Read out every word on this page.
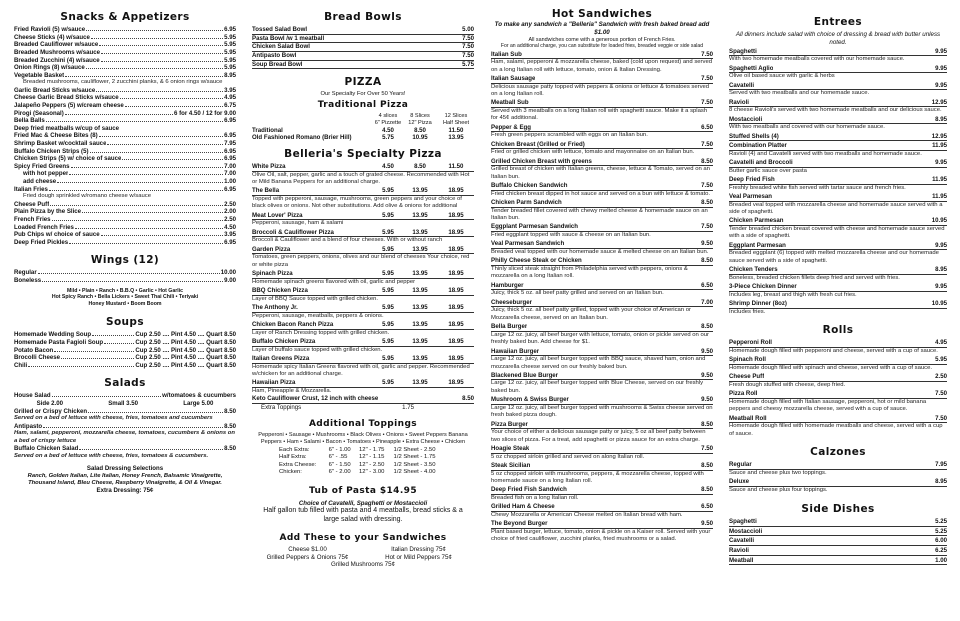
Snacks & Appetizers
Fried Ravioli (5) w/sauce	6.95
Cheese Sticks (4) w/sauce	5.95
Breaded Cauliflower w/sauce	5.95
Breaded Mushrooms w/sauce	5.95
Breaded Zucchini (4) w/sauce	5.95
Onion Rings (8) w/sauce	5.95
Vegetable Basket	8.95
Breaded mushrooms, cauliflower, 2 zucchini planks, & 6 onion rings w/sauce
Garlic Bread Sticks w/sauce	3.95
Cheese Garlic Bread Sticks w/sauce	4.95
Jalapeño Peppers (5) w/cream cheese	6.75
Pirogi (Seasonal)	6 for 4.50 / 12 for 9.00
Bella Balls	6.95
Deep fried meatballs w/cup of sauce
Fried Mac & Cheese Bites (8)	6.95
Shrimp Basket w/cocktail sauce	7.95
Buffalo Chicken Strips (5)	6.95
Chicken Strips (5) w/ choice of sauce	6.95
Spicy Fried Greens	7.00
with hot pepper	7.00
add cheese	1.00
Italian Fries	6.95
Fried dough sprinkled w/romano cheese w/sauce
Cheese Puff	2.50
Plain Pizza by the Slice	2.00
French Fries	2.50
Loaded French Fries	4.50
Pub Chips w/ choice of sauce	3.95
Deep Fried Pickles	6.95
Wings (12)
Regular	10.00
Boneless	9.00
Mild • Plain • Ranch • B.B.Q • Garlic • Hot Garlic
Hot Spicy Ranch • Bella Lickers • Sweet Thai Chili • Teriyaki
Honey Mustard • Boom Boom
Soups
Homemade Wedding Soup	Cup 2.50 .... Pint 4.50 .... Quart 8.50
Homemade Pasta Fagioli Soup	Cup 2.50 .... Pint 4.50 .... Quart 8.50
Potato Bacon	Cup 2.50 .... Pint 4.50 .... Quart 8.50
Brocolli Cheese	Cup 2.50 .... Pint 4.50 .... Quart 8.50
Chili	Cup 2.50 .... Pint 4.50 .... Quart 8.50
Salads
House Salad	w/tomatoes & cucumbers
Side 2.00	Small 3.50	Large 5.00
Grilled or Crispy Chicken	8.50
Served on a bed of lettuce with cheese, fries, tomatoes and cucumbers
Antipasto	8.50
Ham, salami, pepperoni, mozzarella cheese, tomatoes, cucumbers & onions on a bed of crispy lettuce
Buffalo Chicken Salad	8.50
Served on a bed of lettuce with cheese, fries, tomatoes & cucumbers.
Salad Dressing Selections
Ranch, Golden Italian, Lite Italian, Honey French, Balsamic Vinaigrette, Thousand Island, Bleu Cheese, Raspberry Vinaigrette, & Oil & Vinegar.
Extra Dressing: 75¢
Bread Bowls
Tossed Salad Bowl	5.00
Pasta Bowl /w 1 meatball	7.50
Chicken Salad Bowl	7.50
Antipasto Bowl	7.50
Soup Bread Bowl	5.75
PIZZA
Our Specialty For Over 50 Years!
Traditional Pizza
4 slices	8 Slices	12 Slices
6" Pizzette	12" Pizza	Half Sheet
Traditional	4.50	8.50	11.50
Old Fashioned Romano (Brier Hill)	5.75	10.95	13.95
Belleria's Specialty Pizza
White Pizza	4.50	8.50	11.50
Olive Oil, salt, pepper, garlic and a touch of grated cheese. Recommended with Hot or Mild Banana Peppers for an additional charge.
The Bella	5.95	13.95	18.95
Topped with pepperoni, sausage, mushrooms, green peppers and your choice of black olives or onions. Not other substitutions. Add olive & onions for additional
Meat Lover' Pizza	5.95	13.95	18.95
Pepperoni, sausage, ham & salami
Broccoli & Cauliflower Pizza	5.95	13.95	18.95
Broccoli & Cauliflower and a blend of four cheeses. With or without ranch
Garden Pizza	5.95	13.95	18.95
Tomatoes, green peppers, onions, olives and our blend of cheeses Your choice, red or white pizza
Spinach Pizza	5.95	13.95	18.95
Homemade spinach greens flavored with oil, garlic and pepper
BBQ Chicken Pizza	5.95	13.95	18.95
Layer of BBQ Sauce topped with grilled chicken.
The Anthony Jr.	5.95	13.95	18.95
Pepperoni, sausage, meatballs, peppers & onions.
Chicken Bacon Ranch Pizza	5.95	13.95	18.95
Layer of Ranch Dressing topped with grilled chicken.
Buffalo Chicken Pizza	5.95	13.95	18.95
Layer of buffalo sauce topped with grilled chicken.
Italian Greens Pizza	5.95	13.95	18.95
Homemade spicy Italian Greens flavored with oil, garlic and pepper. Recommended w/chicken for an additional charge.
Hawaiian Pizza	5.95	13.95	18.95
Ham, Pineapple & Mozzarella.
Keto Cauliflower Crust, 12 inch with cheese	8.50
Extra Toppings	1.75
Additional Toppings
Pepperoni • Sausage • Mushrooms • Black Olives • Onions • Sweet Peppers Banana Peppers • Ham • Salami • Bacon • Tomatoes • Pineapple • Extra Cheese • Chicken
Each Extra:	6" - 1.00	12" - 1.75	1/2 Sheet - 2.50
Half Extra:	6" - .55	12" - 1.15	1/2 Sheet - 1.75
Extra Cheese:	6" - 1.50	12" - 2.50	1/2 Sheet - 3.50
Chicken:	6" - 2.00	12" - 3.00	1/2 Sheet - 4.00
Tub of Pasta $14.95
Choice of Cavatelli, Spaghetti or Mostaccioli
Half gallon tub filled with pasta and 4 meatballs, bread sticks & a large salad with dressing.
Add These to your Sandwiches
Cheese $1.00	Italian Dressing 75¢
Grilled Peppers & Onions 75¢	Hot or Mild Peppers 75¢
Grilled Mushrooms 75¢
Hot Sandwiches
To make any sandwich a "Belleria" Sandwich with fresh baked bread add $1.00
All sandwiches come with a generous portion of French Fries.
For an additional charge, you can substitute for loaded fries, breaded veggie or side salad
Italian Sub	7.50
Ham, salami, pepperoni & mozzarella cheese, baked (cold upon request) and served on a long Italian roll with lettuce, tomato, onion & Italian Dressing.
Italian Sausage	7.50
Delicious sausage patty topped with peppers & onions or lettuce & tomatoes served on a long Italian roll.
Meatball Sub	7.50
Served with 3 meatballs on a long Italian roll with spaghetti sauce. Make it a splash for 45¢ additional.
Pepper & Egg	6.50
Fresh green peppers scrambled with eggs on an Italian bun.
Chicken Breast (Grilled or Fried)	7.50
Fried or grilled chicken with lettuce, tomato and mayonnaise on an Italian bun.
Grilled Chicken Breast with greens	8.50
Grilled breast of chicken with Italian greens, cheese, lettuce & Tomato, served on an Italian bun.
Buffalo Chicken Sandwich	7.50
Fried chicken breast dipped in hot sauce and served on a bun with lettuce & tomato.
Chicken Parm Sandwich	8.50
Tender breaded fillet covered with chewy melted cheese & homemade sauce on an Italian bun.
Eggplant Parmesan Sandwich	7.50
Fried eggplant topped with sauce & cheese on an Italian bun.
Veal Parmesan Sandwich	9.50
Breaded veal topped with our homemade sauce & melted cheese on an Italian bun.
Philly Cheese Steak or Chicken	8.50
Thinly sliced steak straight from Philadelphia served with peppers, onions & mozzarella on a long Italian roll.
Hamburger	6.50
Juicy, thick 5 oz. all beef patty grilled and served on an Italian bun.
Cheeseburger	7.00
Juicy, thick 5 oz. all beef patty grilled, topped with your choice of American or Mozzarella cheese, served on an Italian bun.
Bella Burger	8.50
Large 12 oz. juicy, all beef burger with lettuce, tomato, onion or pickle served on our freshly baked bun. Add cheese for $1.
Hawaiian Burger	9.50
Large 12 oz. juicy, all beef burger topped with BBQ sauce, shaved ham, onion and mozzarella cheese served on our freshly baked bun.
Blackened Blue Burger	9.50
Large 12 oz. juicy, all beef burger topped with Blue Cheese, served on our freshly baked bun.
Mushroom & Swiss Burger	9.50
Large 12 oz. juicy, all beef burger topped with mushrooms & Swiss cheese served on fresh baked pizza dough.
Pizza Burger	8.50
Your choice of either a delicious sausage patty or juicy, 5 oz all beef patty between two slices of pizza. For a treat, add spaghetti or pizza sauce for an extra charge.
Hoagie Steak	7.50
5 oz chopped sirloin grilled and served on along Italian roll.
Steak Sicilian	8.50
5 oz chopped sirloin with mushrooms, peppers, & mozzarella cheese, topped with homemade sauce on a long Italian roll.
Deep Fried Fish Sandwich	8.50
Breaded fish on a long Italian roll.
Grilled Ham & Cheese	6.50
Chewy Mozzarella or American Cheese melted on Italian bread with ham.
The Beyond Burger	9.50
Plant based burger, lettuce, tomato, onion & pickle on a Kaiser roll. Served with your choice of fried cauliflower, zucchini planks, fried mushrooms or a salad.
Entrees
All dinners include salad with choice of dressing & bread with butter unless noted.
Spaghetti	9.95
With two homemade meatballs covered with our homemade sauce.
Spaghetti Aglio	9.95
Olive oil based sauce with garlic & herbs
Cavatelli	9.95
Served with two meatballs and our homemade sauce.
Ravioli	12.95
8 cheese Ravioli's served with two homemade meatballs and our delicious sauce.
Mostaccioli	8.95
With two meatballs and covered with our homemade sauce.
Stuffed Shells (4)	12.95
Combination Platter	11.95
Ravioli (4) and Cavatelli served with two meatballs and homemade sauce.
Cavatelli and Broccoli	9.95
Butter garlic sauce over pasta
Deep Fried Fish	11.95
Freshly breaded white fish served with tartar sauce and french fries.
Veal Parmesan	11.95
Breaded veal topped with mozzarella cheese and homemade sauce served with a side of spaghetti.
Chicken Parmesan	10.95
Tender breaded chicken breast covered with cheese and homemade sauce served with a side of spaghetti.
Eggplant Parmesan	9.95
Breaded eggplant (6) topped with melted mozzarella cheese and our homemade sauce served with a side of spaghetti.
Chicken Tenders	8.95
Boneless, breaded chicken fillets deep fried and served with fries.
3-Piece Chicken Dinner	9.95
Includes leg, breast and thigh with fresh cut fries.
Shrimp Dinner (8oz)	10.95
Includes fries.
Rolls
Pepperoni Roll	4.95
Homemade dough filled with pepperoni and cheese, served with a cup of sauce.
Spinach Roll	5.95
Homemade dough filled with spinach and cheese, served with a cup of sauce.
Cheese Puff	2.50
Fresh dough stuffed with cheese, deep fried.
Pizza Roll	7.50
Homemade dough filled with Italian sausage, pepperoni, hot or mild banana peppers and cheesy mozzarella cheese, served with a cup of sauce.
Meatball Roll	7.50
Homemade dough filled with homemade meatballs and cheese, served with a cup of sauce.
Calzones
Regular	7.95
Sauce and cheese plus two toppings.
Deluxe	8.95
Sauce and cheese plus four toppings.
Side Dishes
Spaghetti	5.25
Mostaccioli	5.25
Cavatelli	6.00
Ravioli	6.25
Meatball	1.00
